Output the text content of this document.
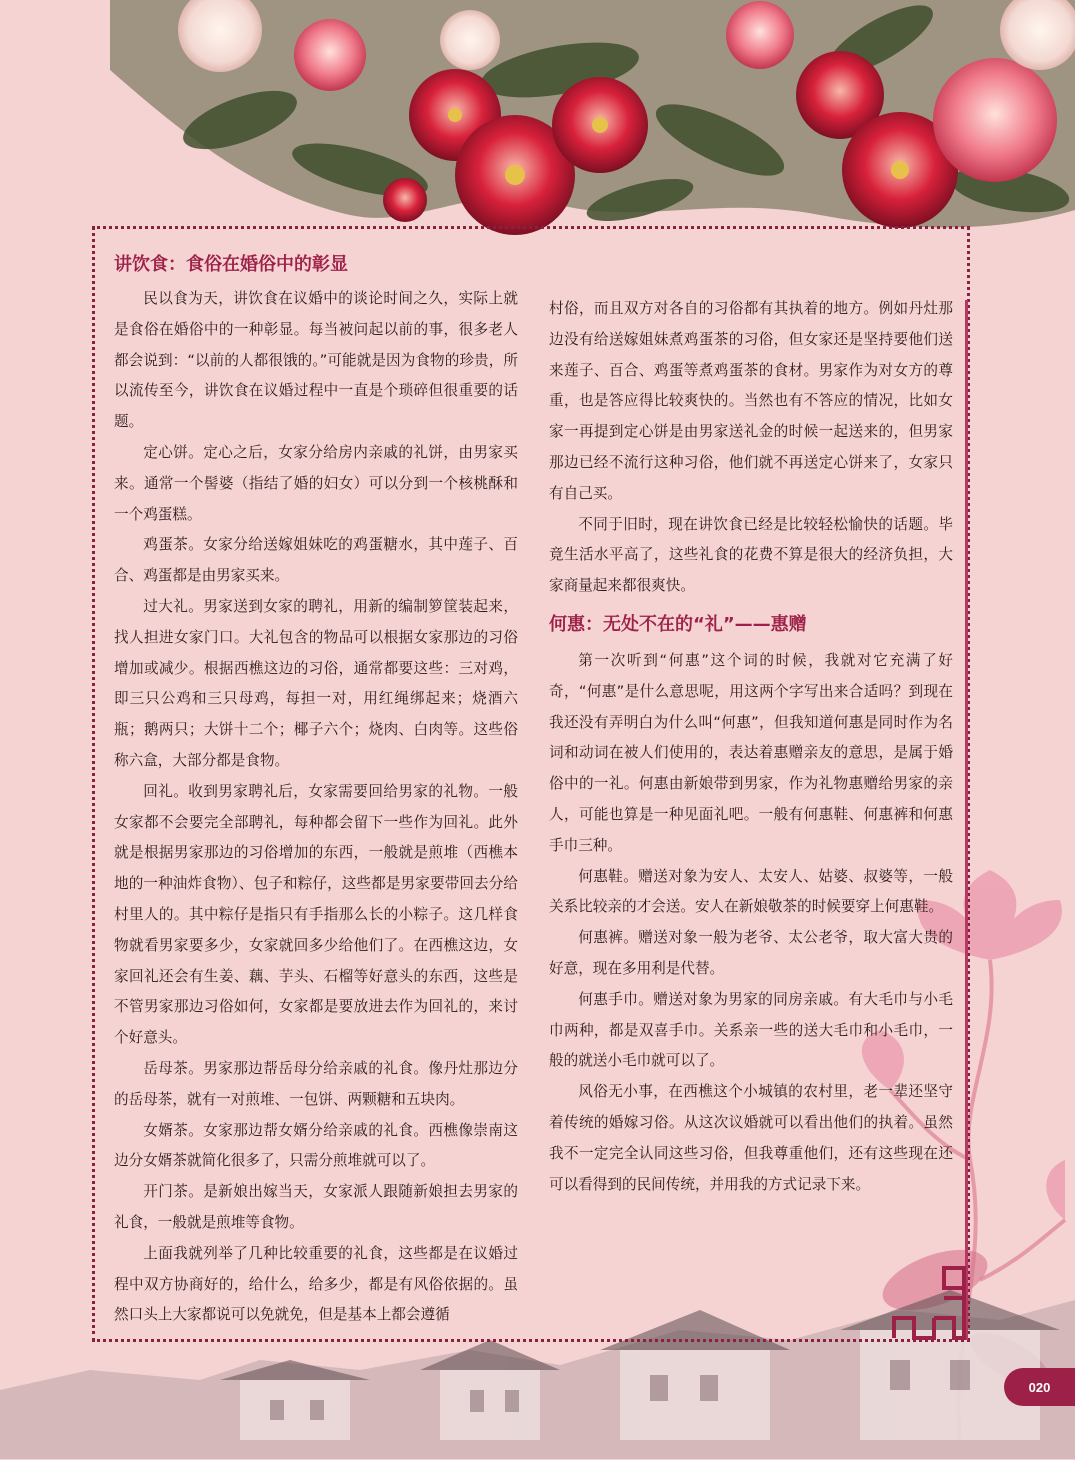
讲饮食：食俗在婚俗中的彰显

民以食为天，讲饮食在议婚中的谈论时间之久，实际上就是食俗在婚俗中的一种彰显。每当被问起以前的事，很多老人都会说到：“以前的人都很饿的。”可能就是因为食物的珍贵，所以流传至今，讲饮食在议婚过程中一直是个琐碎但很重要的话题。

定心饼。定心之后，女家分给房内亲戚的礼饼，由男家买来。通常一个髻婆（指结了婚的妇女）可以分到一个核桃酥和一个鸡蛋糕。

鸡蛋茶。女家分给送嫁姐妹吃的鸡蛋糖水，其中莲子、百合、鸡蛋都是由男家买来。

过大礼。男家送到女家的聘礼，用新的编制箩筐装起来，找人担进女家门口。大礼包含的物品可以根据女家那边的习俗增加或减少。根据西樵这边的习俗，通常都要这些：三对鸡，即三只公鸡和三只母鸡，每担一对，用红绳绑起来；烧酒六瓶；鹅两只；大饼十二个；椰子六个；烧肉、白肉等。这些俗称六盒，大部分都是食物。

回礼。收到男家聘礼后，女家需要回给男家的礼物。一般女家都不会要完全部聘礼，每种都会留下一些作为回礼。此外就是根据男家那边的习俗增加的东西，一般就是煎堆（西樵本地的一种油炸食物）、包子和粽仔，这些都是男家要带回去分给村里人的。其中粽仔是指只有手指那么长的小粽子。这几样食物就看男家要多少，女家就回多少给他们了。在西樵这边，女家回礼还会有生姜、藕、芋头、石榴等好意头的东西，这些是不管男家那边习俗如何，女家都是要放进去作为回礼的，来讨个好意头。

岳母茶。男家那边帮岳母分给亲戚的礼食。像丹灶那边分的岳母茶，就有一对煎堆、一包饼、两颗糖和五块肉。

女婿茶。女家那边帮女婿分给亲戚的礼食。西樵像崇南这边分女婿茶就简化很多了，只需分煎堆就可以了。

开门茶。是新娘出嫁当天，女家派人跟随新娘担去男家的礼食，一般就是煎堆等食物。

上面我就列举了几种比较重要的礼食，这些都是在议婚过程中双方协商好的，给什么，给多少，都是有风俗依据的。虽然口头上大家都说可以免就免，但是基本上都会遵循

村俗，而且双方对各自的习俗都有其执着的地方。例如丹灶那边没有给送嫁姐妹煮鸡蛋茶的习俗，但女家还是坚持要他们送来莲子、百合、鸡蛋等煮鸡蛋茶的食材。男家作为对女方的尊重，也是答应得比较爽快的。当然也有不答应的情况，比如女家一再提到定心饼是由男家送礼金的时候一起送来的，但男家那边已经不流行这种习俗，他们就不再送定心饼来了，女家只有自己买。

不同于旧时，现在讲饮食已经是比较轻松愉快的话题。毕竟生活水平高了，这些礼食的花费不算是很大的经济负担，大家商量起来都很爽快。

何惠：无处不在的“礼”——惠赠

第一次听到“何惠”这个词的时候，我就对它充满了好奇，“何惠”是什么意思呢，用这两个字写出来合适吗？到现在我还没有弄明白为什么叫“何惠”，但我知道何惠是同时作为名词和动词在被人们使用的，表达着惠赠亲友的意思，是属于婚俗中的一礼。何惠由新娘带到男家，作为礼物惠赠给男家的亲人，可能也算是一种见面礼吧。一般有何惠鞋、何惠裤和何惠手巾三种。

何惠鞋。赠送对象为安人、太安人、姑婆、叔婆等，一般关系比较亲的才会送。安人在新娘敬茶的时候要穿上何惠鞋。

何惠裤。赠送对象一般为老爷、太公老爷，取大富大贵的好意，现在多用利是代替。

何惠手巾。赠送对象为男家的同房亲戚。有大毛巾与小毛巾两种，都是双喜手巾。关系亲一些的送大毛巾和小毛巾，一般的就送小毛巾就可以了。

风俗无小事，在西樵这个小城镇的农村里，老一辈还坚守着传统的婚嫁习俗。从这次议婚就可以看出他们的执着。虽然我不一定完全认同这些习俗，但我尊重他们，还有这些现在还可以看得到的民间传统，并用我的方式记录下来。

020
